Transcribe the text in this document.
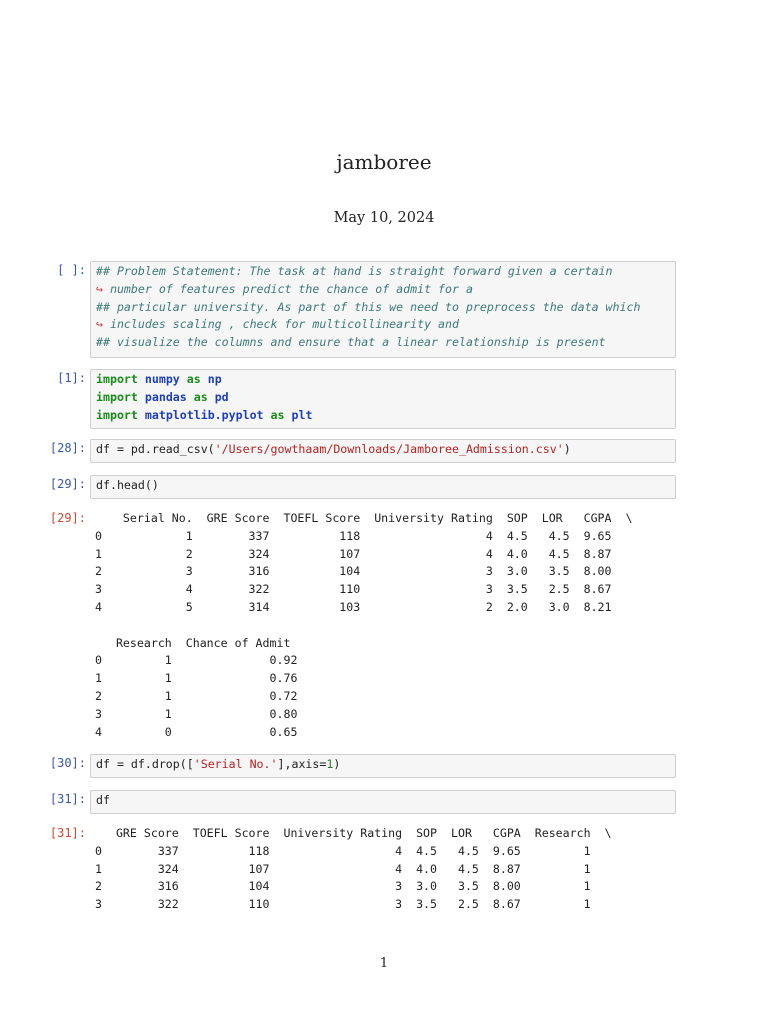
jamboree
May 10, 2024
[ ]: ## Problem Statement: The task at hand is straight forward given a certain
↪ number of features predict the chance of admit for a
## particular university. As part of this we need to preprocess the data which
↪ includes scaling , check for multicollinearity and
## visualize the columns and ensure that a linear relationship is present
[1]: import numpy as np
import pandas as pd
import matplotlib.pyplot as plt
[28]: df = pd.read_csv('/Users/gowthaam/Downloads/Jamboree_Admission.csv')
[29]: df.head()
[29]:	Serial No.  GRE Score  TOEFL Score  University Rating  SOP  LOR   CGPA  \
0            1        337          118                  4  4.5   4.5  9.65
1            2        324          107                  4  4.0   4.5  8.87
2            3        316          104                  3  3.0   3.5  8.00
3            4        322          110                  3  3.5   2.5  8.67
4            5        314          103                  2  2.0   3.0  8.21

Research  Chance of Admit
0         1              0.92
1         1              0.76
2         1              0.72
3         1              0.80
4         0              0.65
[30]: df = df.drop(['Serial No.'],axis=1)
[31]: df
[31]:	GRE Score  TOEFL Score  University Rating  SOP  LOR   CGPA  Research  \
0        337          118                  4  4.5   4.5  9.65         1
1        324          107                  4  4.0   4.5  8.87         1
2        316          104                  3  3.0   3.5  8.00         1
3        322          110                  3  3.5   2.5  8.67         1
1
